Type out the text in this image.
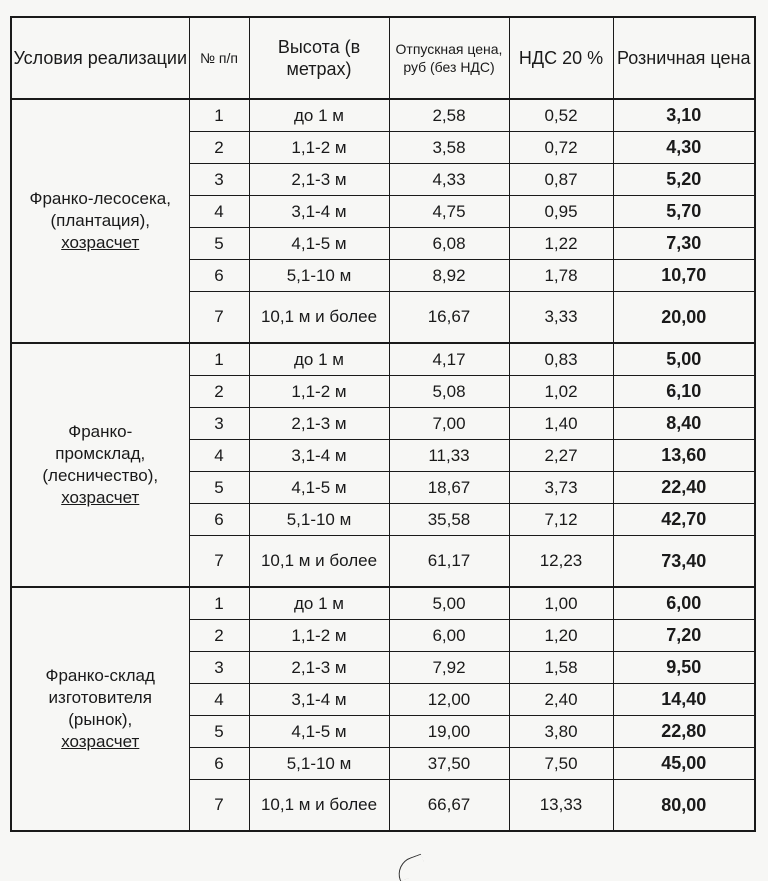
Условия реализации	№ п/п	Высота (в метрах)	Отпускная цена, руб (без НДС)	НДС 20 %	Розничная цена

Франко-лесосека,
(плантация),
хозрасчет	1	до 1 м	2,58	0,52	3,10
	2	1,1-2 м	3,58	0,72	4,30
	3	2,1-3 м	4,33	0,87	5,20
	4	3,1-4 м	4,75	0,95	5,70
	5	4,1-5 м	6,08	1,22	7,30
	6	5,1-10 м	8,92	1,78	10,70
	7	10,1 м и более	16,67	3,33	20,00

Франко-
промсклад,
(лесничество),
хозрасчет	1	до 1 м	4,17	0,83	5,00
	2	1,1-2 м	5,08	1,02	6,10
	3	2,1-3 м	7,00	1,40	8,40
	4	3,1-4 м	11,33	2,27	13,60
	5	4,1-5 м	18,67	3,73	22,40
	6	5,1-10 м	35,58	7,12	42,70
	7	10,1 м и более	61,17	12,23	73,40

Франко-склад
изготовителя
(рынок),
хозрасчет	1	до 1 м	5,00	1,00	6,00
	2	1,1-2 м	6,00	1,20	7,20
	3	2,1-3 м	7,92	1,58	9,50
	4	3,1-4 м	12,00	2,40	14,40
	5	4,1-5 м	19,00	3,80	22,80
	6	5,1-10 м	37,50	7,50	45,00
	7	10,1 м и более	66,67	13,33	80,00
